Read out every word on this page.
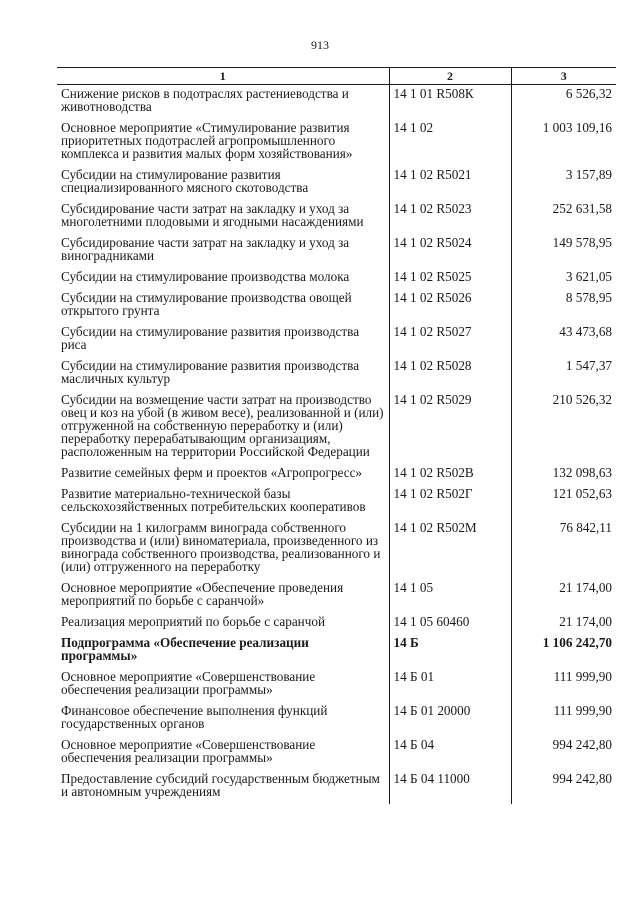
913
1	2	3
Снижение рисков в подотраслях растениеводства и животноводства	14 1 01 R508К	6 526,32
Основное мероприятие «Стимулирование развития приоритетных подотраслей агропромышленного комплекса и развития малых форм хозяйствования»	14 1 02	1 003 109,16
Субсидии на стимулирование развития специализированного мясного скотоводства	14 1 02 R5021	3 157,89
Субсидирование части затрат на закладку и уход за многолетними плодовыми и ягодными насаждениями	14 1 02 R5023	252 631,58
Субсидирование части затрат на закладку и уход за виноградниками	14 1 02 R5024	149 578,95
Субсидии на стимулирование производства молока	14 1 02 R5025	3 621,05
Субсидии на стимулирование производства овощей открытого грунта	14 1 02 R5026	8 578,95
Субсидии на стимулирование развития производства риса	14 1 02 R5027	43 473,68
Субсидии на стимулирование развития производства масличных культур	14 1 02 R5028	1 547,37
Субсидии на возмещение части затрат на производство овец и коз на убой (в живом весе), реализованной и (или) отгруженной на собственную переработку и (или) переработку перерабатывающим организациям, расположенным на территории Российской Федерации	14 1 02 R5029	210 526,32
Развитие семейных ферм и проектов «Агропрогресс»	14 1 02 R502В	132 098,63
Развитие материально-технической базы сельскохозяйственных потребительских кооперативов	14 1 02 R502Г	121 052,63
Субсидии на 1 килограмм винограда собственного производства и (или) виноматериала, произведенного из винограда собственного производства, реализованного и (или) отгруженного на переработку	14 1 02 R502М	76 842,11
Основное мероприятие «Обеспечение проведения мероприятий по борьбе с саранчой»	14 1 05	21 174,00
Реализация мероприятий по борьбе с саранчой	14 1 05 60460	21 174,00
Подпрограмма «Обеспечение реализации программы»	14 Б	1 106 242,70
Основное мероприятие «Совершенствование обеспечения реализации программы»	14 Б 01	111 999,90
Финансовое обеспечение выполнения функций государственных органов	14 Б 01 20000	111 999,90
Основное мероприятие «Совершенствование обеспечения реализации программы»	14 Б 04	994 242,80
Предоставление субсидий государственным бюджетным и автономным учреждениям	14 Б 04 11000	994 242,80
